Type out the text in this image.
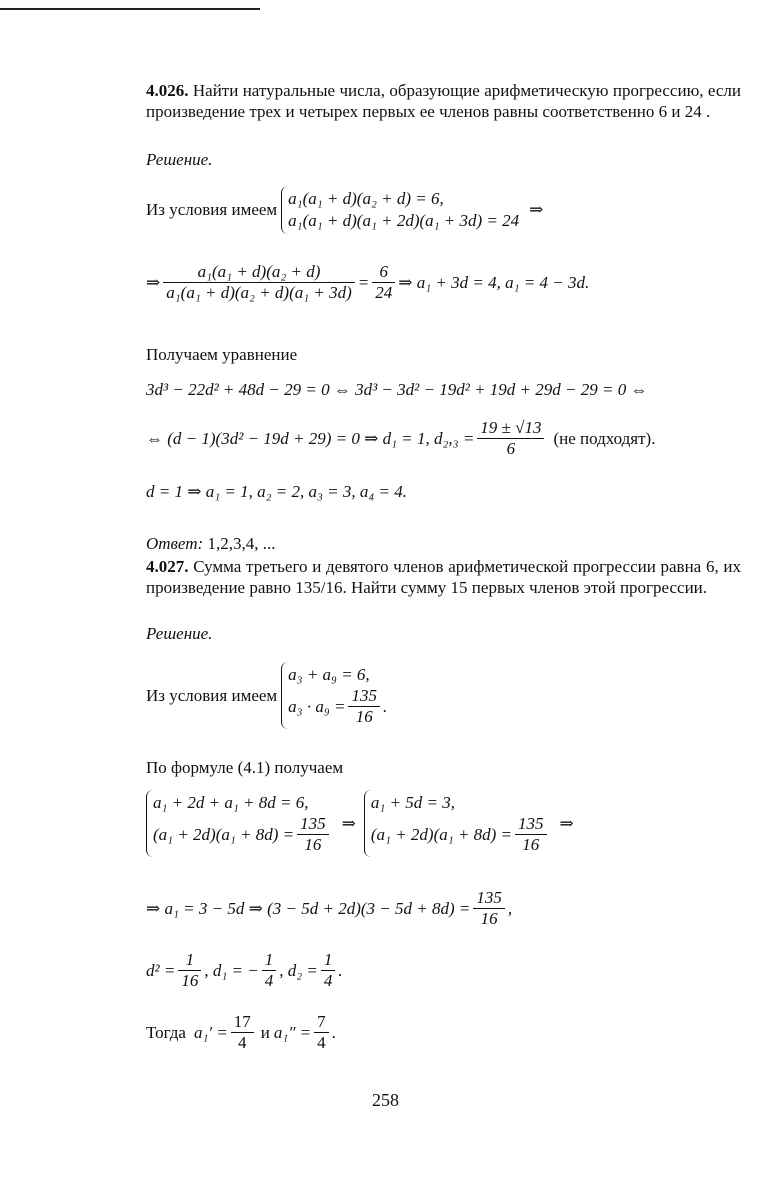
4.026. Найти натуральные числа, образующие арифметическую прогрессию, если произведение трех и четырех первых ее членов равны соответственно 6 и 24 .
Решение.
Из условия имеем
a₁(a₁ + d)(a₂ + d) = 6,
a₁(a₁ + d)(a₁ + 2d)(a₁ + 3d) = 24
⇒
⇒ $\frac{\text{a₁(a₁ + d)(a₂ + d)}}{\text{a₁(a₁ + d)(a₂ + d)(a₁ + 3d)}} = \frac{6}{24}$ ⇒ a₁ + 3d = 4, a₁ = 4 − 3d.
Получаем уравнение
3d³ − 22d² + 48d − 29 = 0 ⇔ 3d³ − 3d² − 19d² + 19d + 29d − 29 = 0 ⇔
⇔ (d − 1)(3d² − 19d + 29) = 0 ⇒ d₁ = 1, $d_2,_3 = \frac{19 \pm √13}{6} (не$ подходят).
d = 1 ⇒ a₁ = 1, a₂ = 2, a₃ = 3, a₄ = 4.
Ответ: 1,2,3,4, ...
4.027. Сумма третьего и девятого членов арифметической прогрессии равна 6, их произведение равно 135/16. Найти сумму 15 первых членов этой прогрессии.
Решение.
Из условия имеем
a₃ + a₉ = 6,
$a_3 \cdot a_9 = \frac{135}{16}$ .
По формуле (4.1) получаем
a₁ + 2d + a₁ + 8d = 6,
$(a_1 + 2d)(a_1 + 8d) = \frac{135}{16}$ ⇒
a₁ + 5d = 3,
$(a_1 + 2d)(a_1 + 8d) = \frac{135}{16}$ ⇒
⇒ a₁ = 3 − 5d ⇒ $(3 - 5d + 2d)(3 - 5d + 8d) = \frac{135}{16}$ ,
$d^2 = \frac{1}{16}$ , d₁ = − $\frac{1}{4}$ , $d_2 = \frac{1}{4}$ .
Тогда $a_1' = \frac{17}{4}$ и $a_1'' = \frac{7}{4}$ .
258
